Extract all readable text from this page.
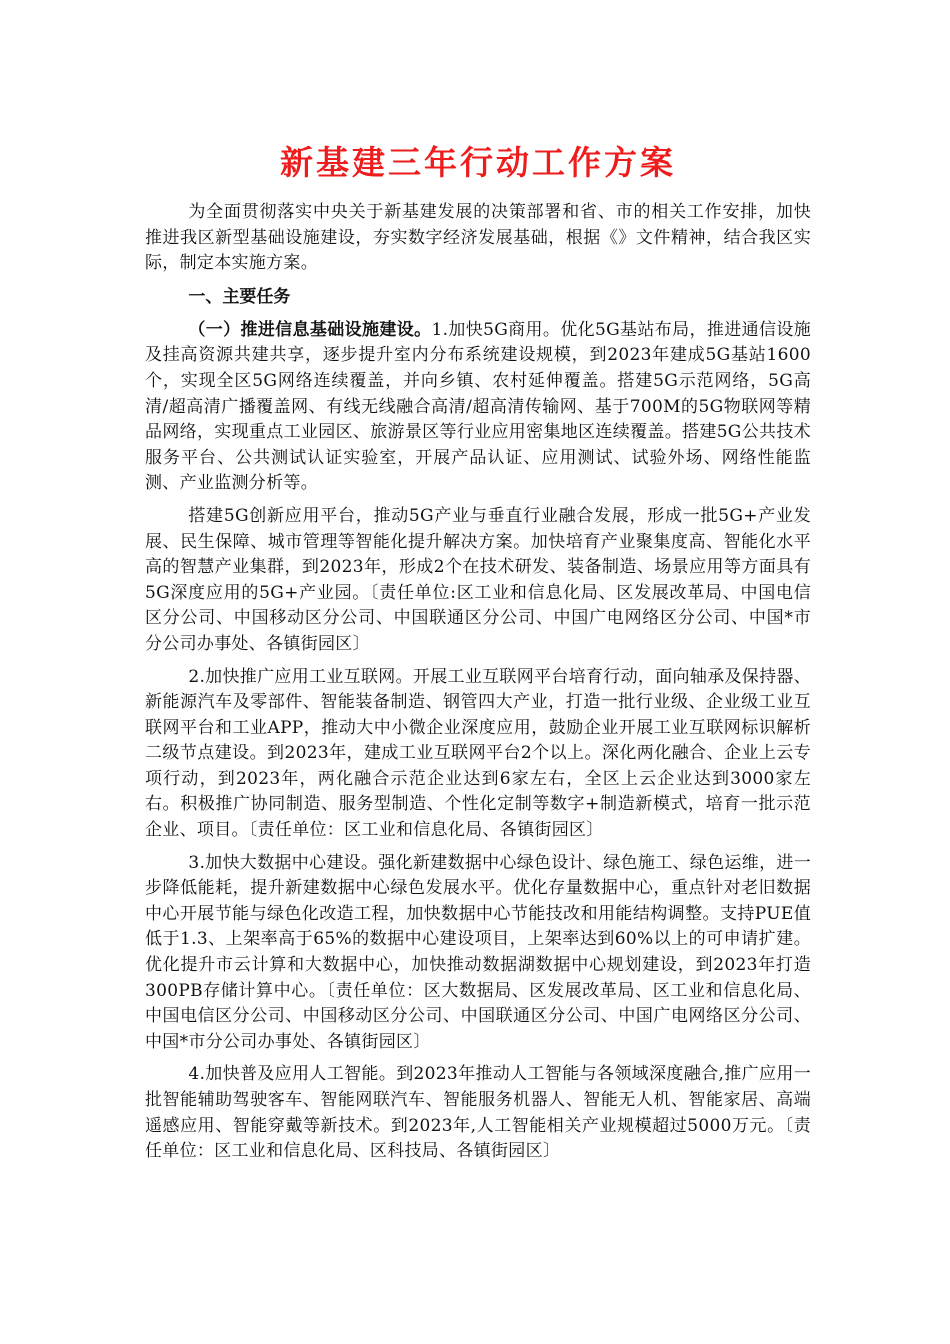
新基建三年行动工作方案

为全面贯彻落实中央关于新基建发展的决策部署和省、市的相关工作安排，加快推进我区新型基础设施建设，夯实数字经济发展基础，根据《》文件精神，结合我区实际，制定本实施方案。

一、主要任务

（一）推进信息基础设施建设。1.加快5G商用。优化5G基站布局，推进通信设施及挂高资源共建共享，逐步提升室内分布系统建设规模，到2023年建成5G基站1600个，实现全区5G网络连续覆盖，并向乡镇、农村延伸覆盖。搭建5G示范网络，5G高清/超高清广播覆盖网、有线无线融合高清/超高清传输网、基于700M的5G物联网等精品网络，实现重点工业园区、旅游景区等行业应用密集地区连续覆盖。搭建5G公共技术服务平台、公共测试认证实验室，开展产品认证、应用测试、试验外场、网络性能监测、产业监测分析等。

搭建5G创新应用平台，推动5G产业与垂直行业融合发展，形成一批5G+产业发展、民生保障、城市管理等智能化提升解决方案。加快培育产业聚集度高、智能化水平高的智慧产业集群，到2023年，形成2个在技术研发、装备制造、场景应用等方面具有5G深度应用的5G+产业园。〔责任单位:区工业和信息化局、区发展改革局、中国电信区分公司、中国移动区分公司、中国联通区分公司、中国广电网络区分公司、中国*市分公司办事处、各镇街园区〕

2.加快推广应用工业互联网。开展工业互联网平台培育行动，面向轴承及保持器、新能源汽车及零部件、智能装备制造、钢管四大产业，打造一批行业级、企业级工业互联网平台和工业APP，推动大中小微企业深度应用，鼓励企业开展工业互联网标识解析二级节点建设。到2023年，建成工业互联网平台2个以上。深化两化融合、企业上云专项行动，到2023年，两化融合示范企业达到6家左右，全区上云企业达到3000家左右。积极推广协同制造、服务型制造、个性化定制等数字+制造新模式，培育一批示范企业、项目。〔责任单位：区工业和信息化局、各镇街园区〕

3.加快大数据中心建设。强化新建数据中心绿色设计、绿色施工、绿色运维，进一步降低能耗，提升新建数据中心绿色发展水平。优化存量数据中心，重点针对老旧数据中心开展节能与绿色化改造工程，加快数据中心节能技改和用能结构调整。支持PUE值低于1.3、上架率高于65%的数据中心建设项目，上架率达到60%以上的可申请扩建。优化提升市云计算和大数据中心，加快推动数据湖数据中心规划建设，到2023年打造300PB存储计算中心。〔责任单位：区大数据局、区发展改革局、区工业和信息化局、中国电信区分公司、中国移动区分公司、中国联通区分公司、中国广电网络区分公司、中国*市分公司办事处、各镇街园区〕

4.加快普及应用人工智能。到2023年推动人工智能与各领域深度融合,推广应用一批智能辅助驾驶客车、智能网联汽车、智能服务机器人、智能无人机、智能家居、高端遥感应用、智能穿戴等新技术。到2023年,人工智能相关产业规模超过5000万元。〔责任单位：区工业和信息化局、区科技局、各镇街园区〕
